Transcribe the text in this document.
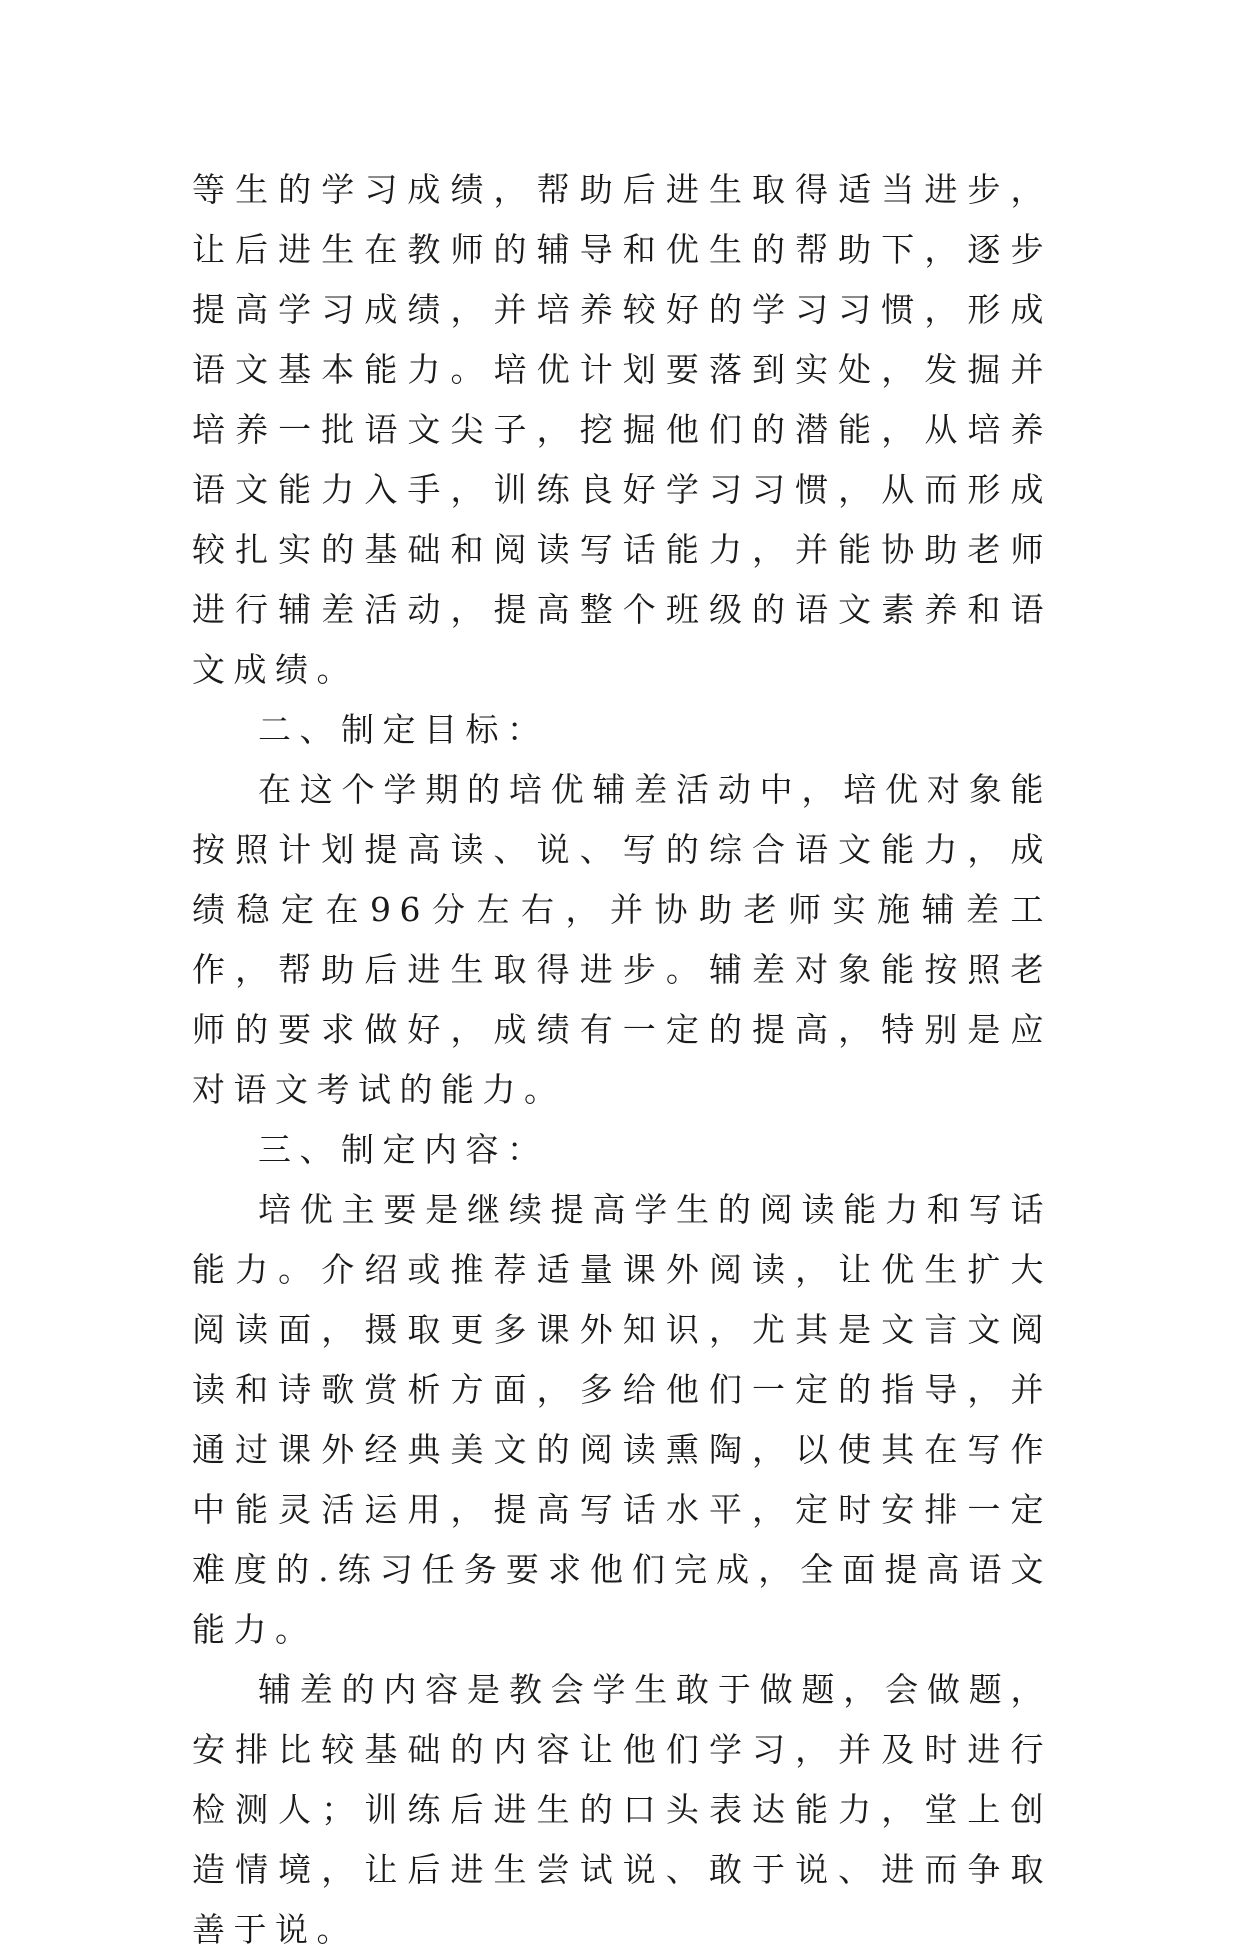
等生的学习成绩，帮助后进生取得适当进步，让后进生在教师的辅导和优生的帮助下，逐步提高学习成绩，并培养较好的学习习惯，形成语文基本能力。培优计划要落到实处，发掘并培养一批语文尖子，挖掘他们的潜能，从培养语文能力入手，训练良好学习习惯，从而形成较扎实的基础和阅读写话能力，并能协助老师进行辅差活动，提高整个班级的语文素养和语文成绩。

二、制定目标：

在这个学期的培优辅差活动中，培优对象能按照计划提高读、说、写的综合语文能力，成绩稳定在96分左右，并协助老师实施辅差工作，帮助后进生取得进步。辅差对象能按照老师的要求做好，成绩有一定的提高，特别是应对语文考试的能力。

三、制定内容：

培优主要是继续提高学生的阅读能力和写话能力。介绍或推荐适量课外阅读，让优生扩大阅读面，摄取更多课外知识，尤其是文言文阅读和诗歌赏析方面，多给他们一定的指导，并通过课外经典美文的阅读熏陶，以使其在写作中能灵活运用，提高写话水平，定时安排一定难度的.练习任务要求他们完成，全面提高语文能力。

辅差的内容是教会学生敢于做题，会做题，安排比较基础的内容让他们学习，并及时进行检测人；训练后进生的口头表达能力，堂上创造情境，让后进生尝试说、敢于说、进而争取善于说。
